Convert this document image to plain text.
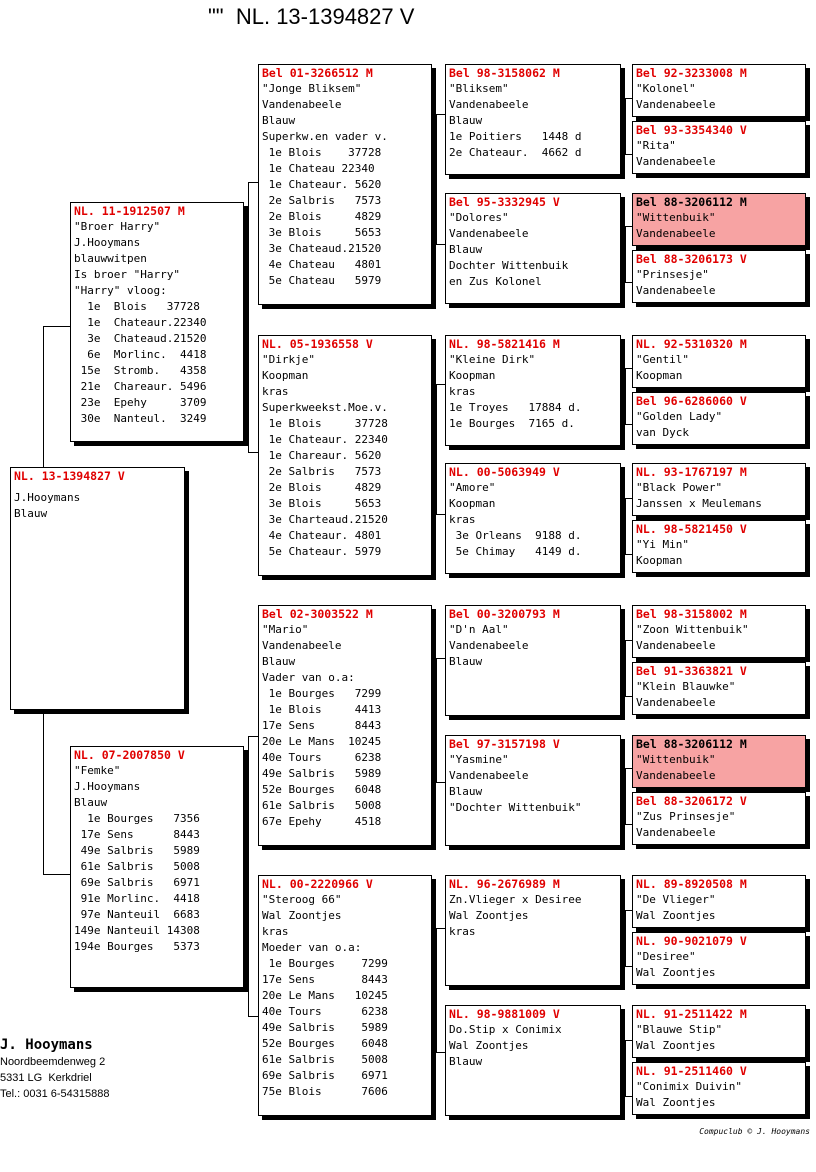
""  NL. 13-1394827 V
NL. 13-1394827 V
J.Hooymans
Blauw
NL. 11-1912507 M
"Broer Harry"
J.Hooymans
blauwwitpen
Is broer "Harry"
"Harry" vloog:
1e  Blois   37728
1e  Chateaur.22340
3e  Chateaud.21520
6e  Morlinc.  4418
15e  Stromb.   4358
21e  Chareaur. 5496
23e  Epehy     3709
30e  Nanteul.  3249
NL. 07-2007850 V
"Femke"
J.Hooymans
Blauw
1e Bourges   7356
17e Sens      8443
49e Salbris   5989
61e Salbris   5008
69e Salbris   6971
91e Morlinc.  4418
97e Nanteuil  6683
149e Nanteuil 14308
194e Bourges   5373
Bel 01-3266512 M
"Jonge Bliksem"
Vandenabeele
Blauw
Superkw.en vader v.
1e Blois    37728
1e Chateau 22340
1e Chateaur. 5620
2e Salbris   7573
2e Blois     4829
3e Blois     5653
3e Chateaud.21520
4e Chateau   4801
5e Chateau   5979
NL. 05-1936558 V
"Dirkje"
Koopman
kras
Superkweekst.Moe.v.
1e Blois     37728
1e Chateaur. 22340
1e Chareaur. 5620
2e Salbris   7573
2e Blois     4829
3e Blois     5653
3e Charteaud.21520
4e Chateaur. 4801
5e Chateaur. 5979
Bel 02-3003522 M
"Mario"
Vandenabeele
Blauw
Vader van o.a:
1e Bourges   7299
1e Blois     4413
17e Sens      8443
20e Le Mans  10245
40e Tours     6238
49e Salbris   5989
52e Bourges   6048
61e Salbris   5008
67e Epehy     4518
NL. 00-2220966 V
"Steroog 66"
Wal Zoontjes
kras
Moeder van o.a:
1e Bourges    7299
17e Sens       8443
20e Le Mans   10245
40e Tours      6238
49e Salbris    5989
52e Bourges    6048
61e Salbris    5008
69e Salbris    6971
75e Blois      7606
Bel 98-3158062 M
"Bliksem"
Vandenabeele
Blauw
1e Poitiers   1448 d
2e Chateaur.  4662 d
Bel 95-3332945 V
"Dolores"
Vandenabeele
Blauw
Dochter Wittenbuik
en Zus Kolonel
NL. 98-5821416 M
"Kleine Dirk"
Koopman
kras
1e Troyes   17884 d.
1e Bourges  7165 d.
NL. 00-5063949 V
"Amore"
Koopman
kras
3e Orleans  9188 d.
5e Chimay   4149 d.
Bel 00-3200793 M
"D'n Aal"
Vandenabeele
Blauw
Bel 97-3157198 V
"Yasmine"
Vandenabeele
Blauw
"Dochter Wittenbuik"
NL. 96-2676989 M
Zn.Vlieger x Desiree
Wal Zoontjes
kras
NL. 98-9881009 V
Do.Stip x Conimix
Wal Zoontjes
Blauw
Bel 92-3233008 M
"Kolonel"
Vandenabeele
Bel 93-3354340 V
"Rita"
Vandenabeele
Bel 88-3206112 M
"Wittenbuik"
Vandenabeele
Bel 88-3206173 V
"Prinsesje"
Vandenabeele
NL. 92-5310320 M
"Gentil"
Koopman
Bel 96-6286060 V
"Golden Lady"
van Dyck
NL. 93-1767197 M
"Black Power"
Janssen x Meulemans
NL. 98-5821450 V
"Yi Min"
Koopman
Bel 98-3158002 M
"Zoon Wittenbuik"
Vandenabeele
Bel 91-3363821 V
"Klein Blauwke"
Vandenabeele
Bel 88-3206112 M
"Wittenbuik"
Vandenabeele
Bel 88-3206172 V
"Zus Prinsesje"
Vandenabeele
NL. 89-8920508 M
"De Vlieger"
Wal Zoontjes
NL. 90-9021079 V
"Desiree"
Wal Zoontjes
NL. 91-2511422 M
"Blauwe Stip"
Wal Zoontjes
NL. 91-2511460 V
"Conimix Duivin"
Wal Zoontjes
J. Hooymans
Noordbeemdenweg 2
5331 LG  Kerkdriel
Tel.: 0031 6-54315888
Compuclub © J. Hooymans
